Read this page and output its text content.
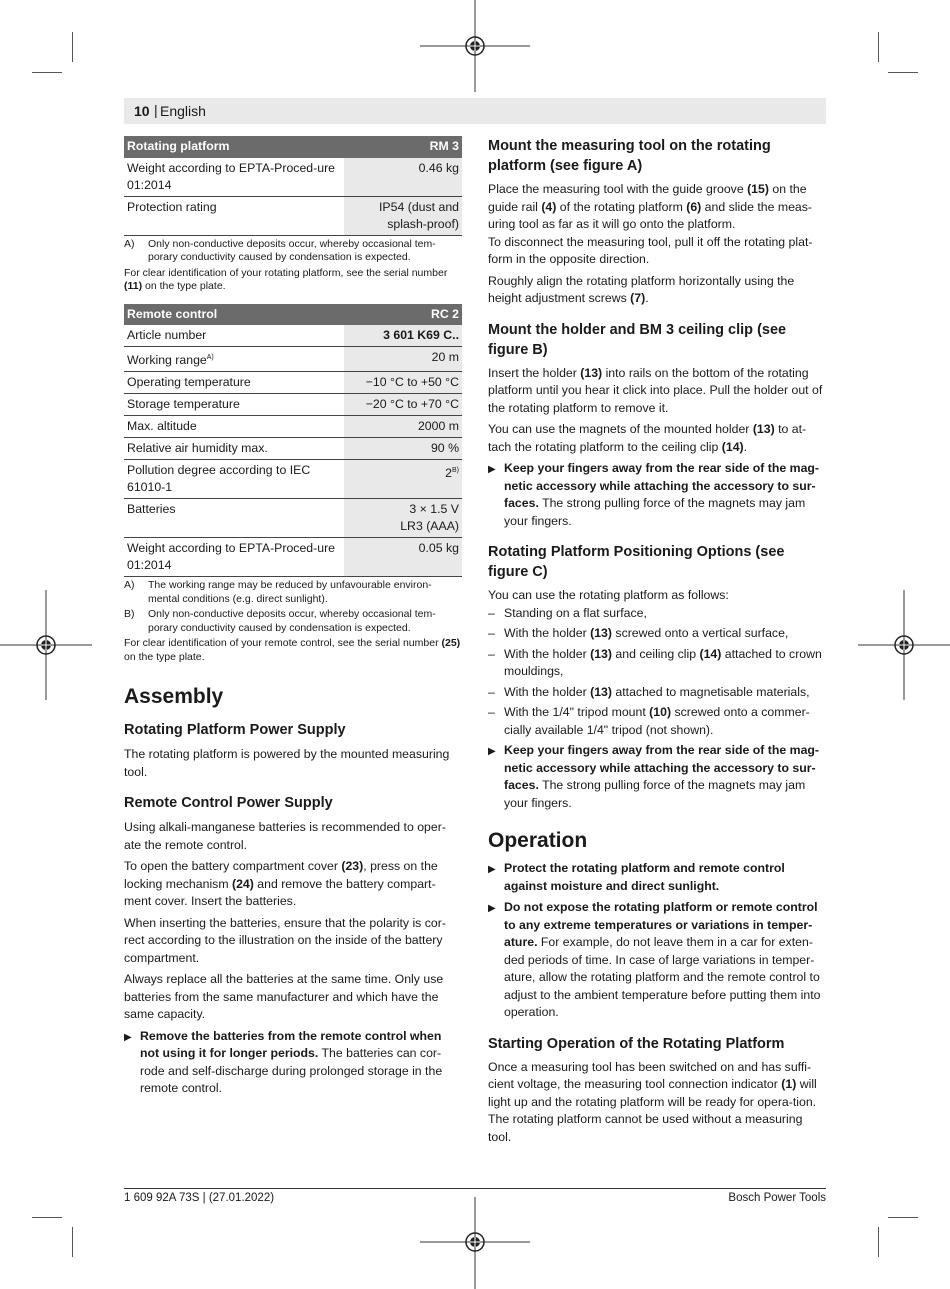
10 | English
Rotating platform	RM 3
Weight according to EPTA-Proced-ure 01:2014	0.46 kg
Protection rating	IP54 (dust and splash-proof)
A)	Only non-conductive deposits occur, whereby occasional tem-porary conductivity caused by condensation is expected.

For clear identification of your rotating platform, see the serial number (11) on the type plate.

Remote control	RC 2
Article number	3 601 K69 C..
Working range$^{A)}$	20 m
Operating temperature	−10 °C to +50 °C
Storage temperature	−20 °C to +70 °C
Max. altitude	2000 m
Relative air humidity max.	90 %
Pollution degree according to IEC 61010-1	$2^{B)}$
Batteries	3 × 1.5 V
LR3 (AAA)
Weight according to EPTA-Proced-ure 01:2014	0.05 kg
A)	The working range may be reduced by unfavourable environ-mental conditions (e.g. direct sunlight).
B)	Only non-conductive deposits occur, whereby occasional tem-porary conductivity caused by condensation is expected.

For clear identification of your remote control, see the serial number (25) on the type plate.

Assembly
Rotating Platform Power Supply

The rotating platform is powered by the mounted measuring tool.

Remote Control Power Supply

Using alkali-manganese batteries is recommended to oper-ate the remote control.

To open the battery compartment cover (23), press on the locking mechanism (24) and remove the battery compart-ment cover. Insert the batteries.

When inserting the batteries, ensure that the polarity is cor-rect according to the illustration on the inside of the battery compartment.

Always replace all the batteries at the same time. Only use batteries from the same manufacturer and which have the same capacity.

▶ Remove the batteries from the remote control when not using it for longer periods. The batteries can cor-rode and self-discharge during prolonged storage in the remote control.
Mount the measuring tool on the rotating platform (see figure A)

Place the measuring tool with the guide groove (15) on the guide rail (4) of the rotating platform (6) and slide the meas-uring tool as far as it will go onto the platform.

To disconnect the measuring tool, pull it off the rotating plat-form in the opposite direction.

Roughly align the rotating platform horizontally using the height adjustment screws (7).

Mount the holder and BM 3 ceiling clip (see figure B)

Insert the holder (13) into rails on the bottom of the rotating platform until you hear it click into place. Pull the holder out of the rotating platform to remove it.

You can use the magnets of the mounted holder (13) to at-tach the rotating platform to the ceiling clip (14).

▶ Keep your fingers away from the rear side of the mag-netic accessory while attaching the accessory to sur-faces. The strong pulling force of the magnets may jam your fingers.
Rotating Platform Positioning Options (see figure C)

You can use the rotating platform as follows:

– Standing on a flat surface,
– With the holder (13) screwed onto a vertical surface,
– With the holder (13) and ceiling clip (14) attached to crown mouldings,
– With the holder (13) attached to magnetisable materials,
– With the 1/4" tripod mount (10) screwed onto a commer-cially available 1/4" tripod (not shown).
▶ Keep your fingers away from the rear side of the mag-netic accessory while attaching the accessory to sur-faces. The strong pulling force of the magnets may jam your fingers.
Operation
▶ Protect the rotating platform and remote control against moisture and direct sunlight.
▶ Do not expose the rotating platform or remote control to any extreme temperatures or variations in temper-ature. For example, do not leave them in a car for exten-ded periods of time. In case of large variations in temper-ature, allow the rotating platform and the remote control to adjust to the ambient temperature before putting them into operation.
Starting Operation of the Rotating Platform

Once a measuring tool has been switched on and has suffi-cient voltage, the measuring tool connection indicator (1) will light up and the rotating platform will be ready for opera-tion.

The rotating platform cannot be used without a measuring tool.

1 609 92A 73S | (27.01.2022)	Bosch Power Tools
